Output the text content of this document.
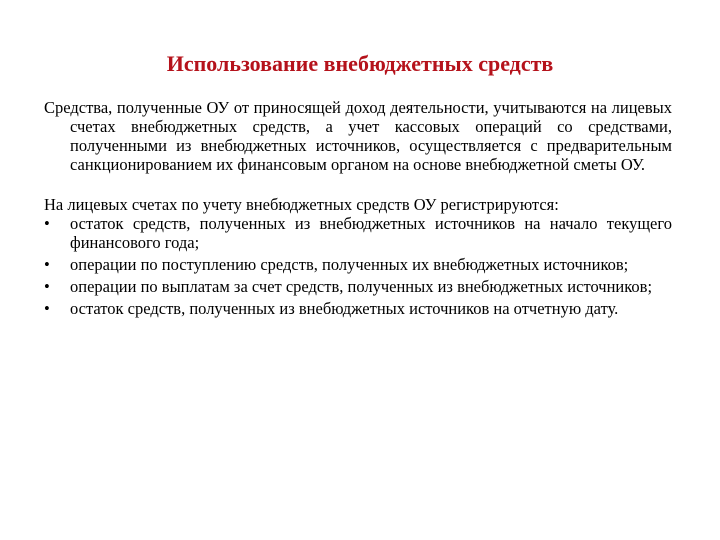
Использование внебюджетных средств

Средства, полученные ОУ от приносящей доход деятельности, учитываются на лицевых счетах внебюджетных средств, а учет кассовых операций со средствами, полученными из внебюджетных источников, осуществляется с предварительным санкционированием их финансовым органом на основе внебюджетной сметы ОУ.

На лицевых счетах по учету внебюджетных средств ОУ регистрируются:

•	остаток средств, полученных из внебюджетных источников на начало текущего финансового года;
•	операции по поступлению средств, полученных их внебюджетных источников;
•	операции по выплатам за счет средств, полученных из внебюджетных источников;
•	остаток средств, полученных из внебюджетных источников на отчетную дату.
